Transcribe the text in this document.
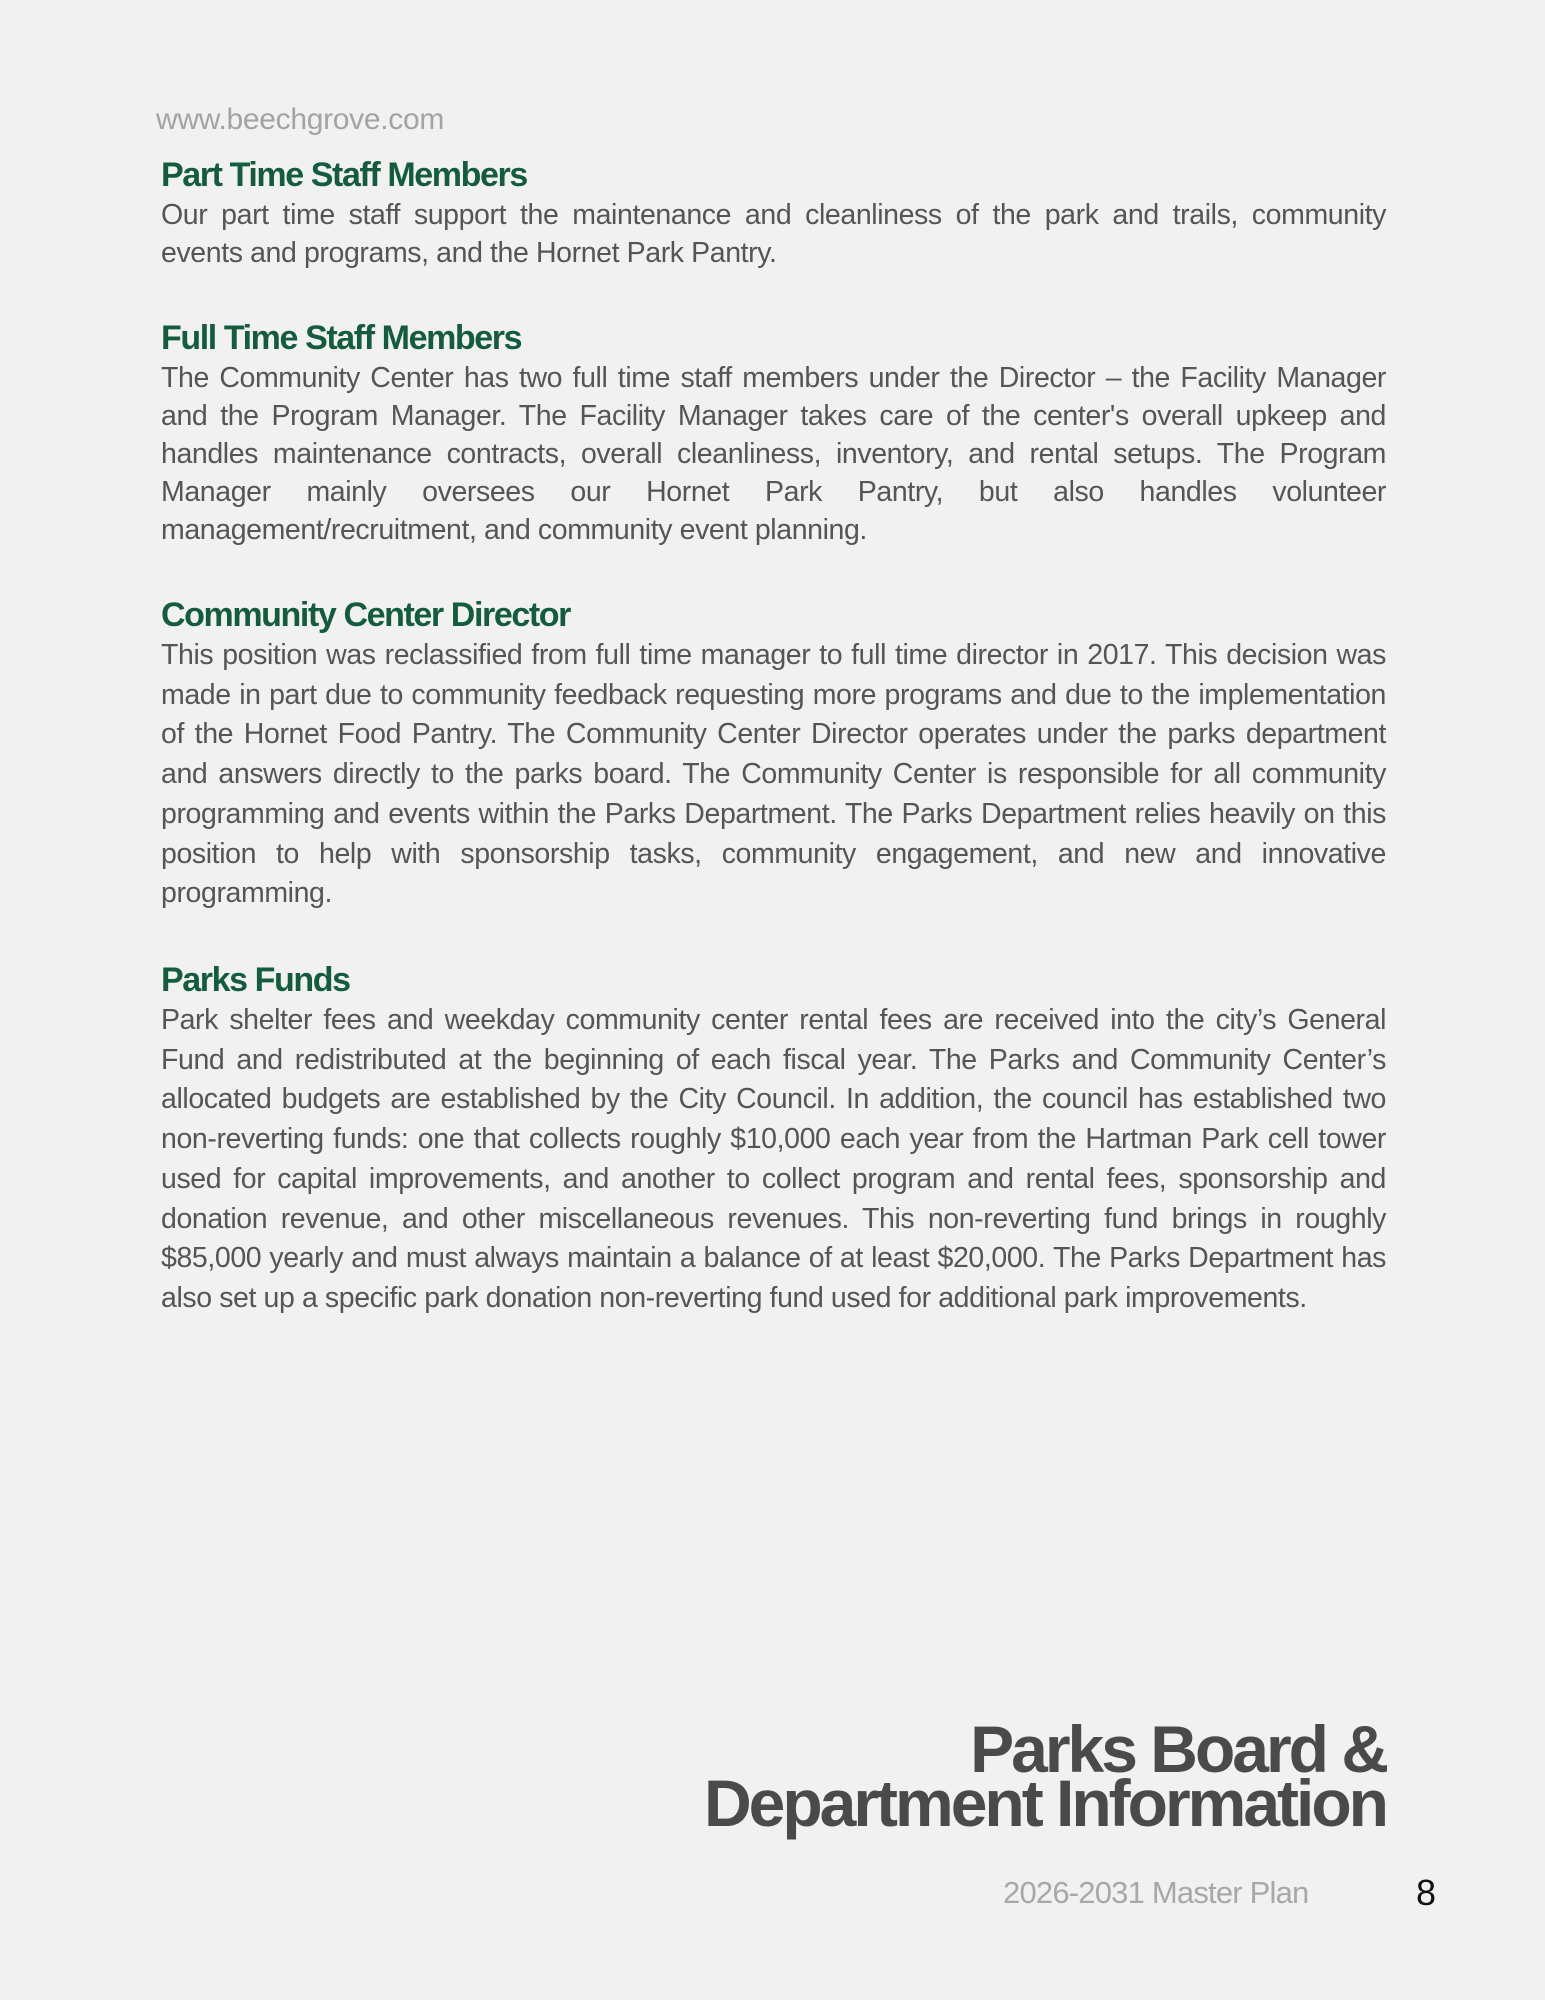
www.beechgrove.com
Part Time Staff Members

Our part time staff support the maintenance and cleanliness of the park and trails, community events and programs, and the Hornet Park Pantry.

Full Time Staff Members

The Community Center has two full time staff members under the Director – the Facility Manager and the Program Manager. The Facility Manager takes care of the center's overall upkeep and handles maintenance contracts, overall cleanliness, inventory, and rental setups. The Program Manager mainly oversees our Hornet Park Pantry, but also handles volunteer management/recruitment, and community event planning.

Community Center Director

This position was reclassified from full time manager to full time director in 2017. This decision was made in part due to community feedback requesting more programs and due to the implementation of the Hornet Food Pantry. The Community Center Director operates under the parks department and answers directly to the parks board. The Community Center is responsible for all community programming and events within the Parks Department. The Parks Department relies heavily on this position to help with sponsorship tasks, community engagement, and new and innovative programming.

Parks Funds

Park shelter fees and weekday community center rental fees are received into the city’s General Fund and redistributed at the beginning of each fiscal year. The Parks and Community Center’s allocated budgets are established by the City Council. In addition, the council has established two non-reverting funds: one that collects roughly $10,000 each year from the Hartman Park cell tower used for capital improvements, and another to collect program and rental fees, sponsorship and donation revenue, and other miscellaneous revenues. This non-reverting fund brings in roughly $85,000 yearly and must always maintain a balance of at least $20,000. The Parks Department has also set up a specific park donation non-reverting fund used for additional park improvements.

Parks Board &
Department Information
2026-2031 Master Plan	8
